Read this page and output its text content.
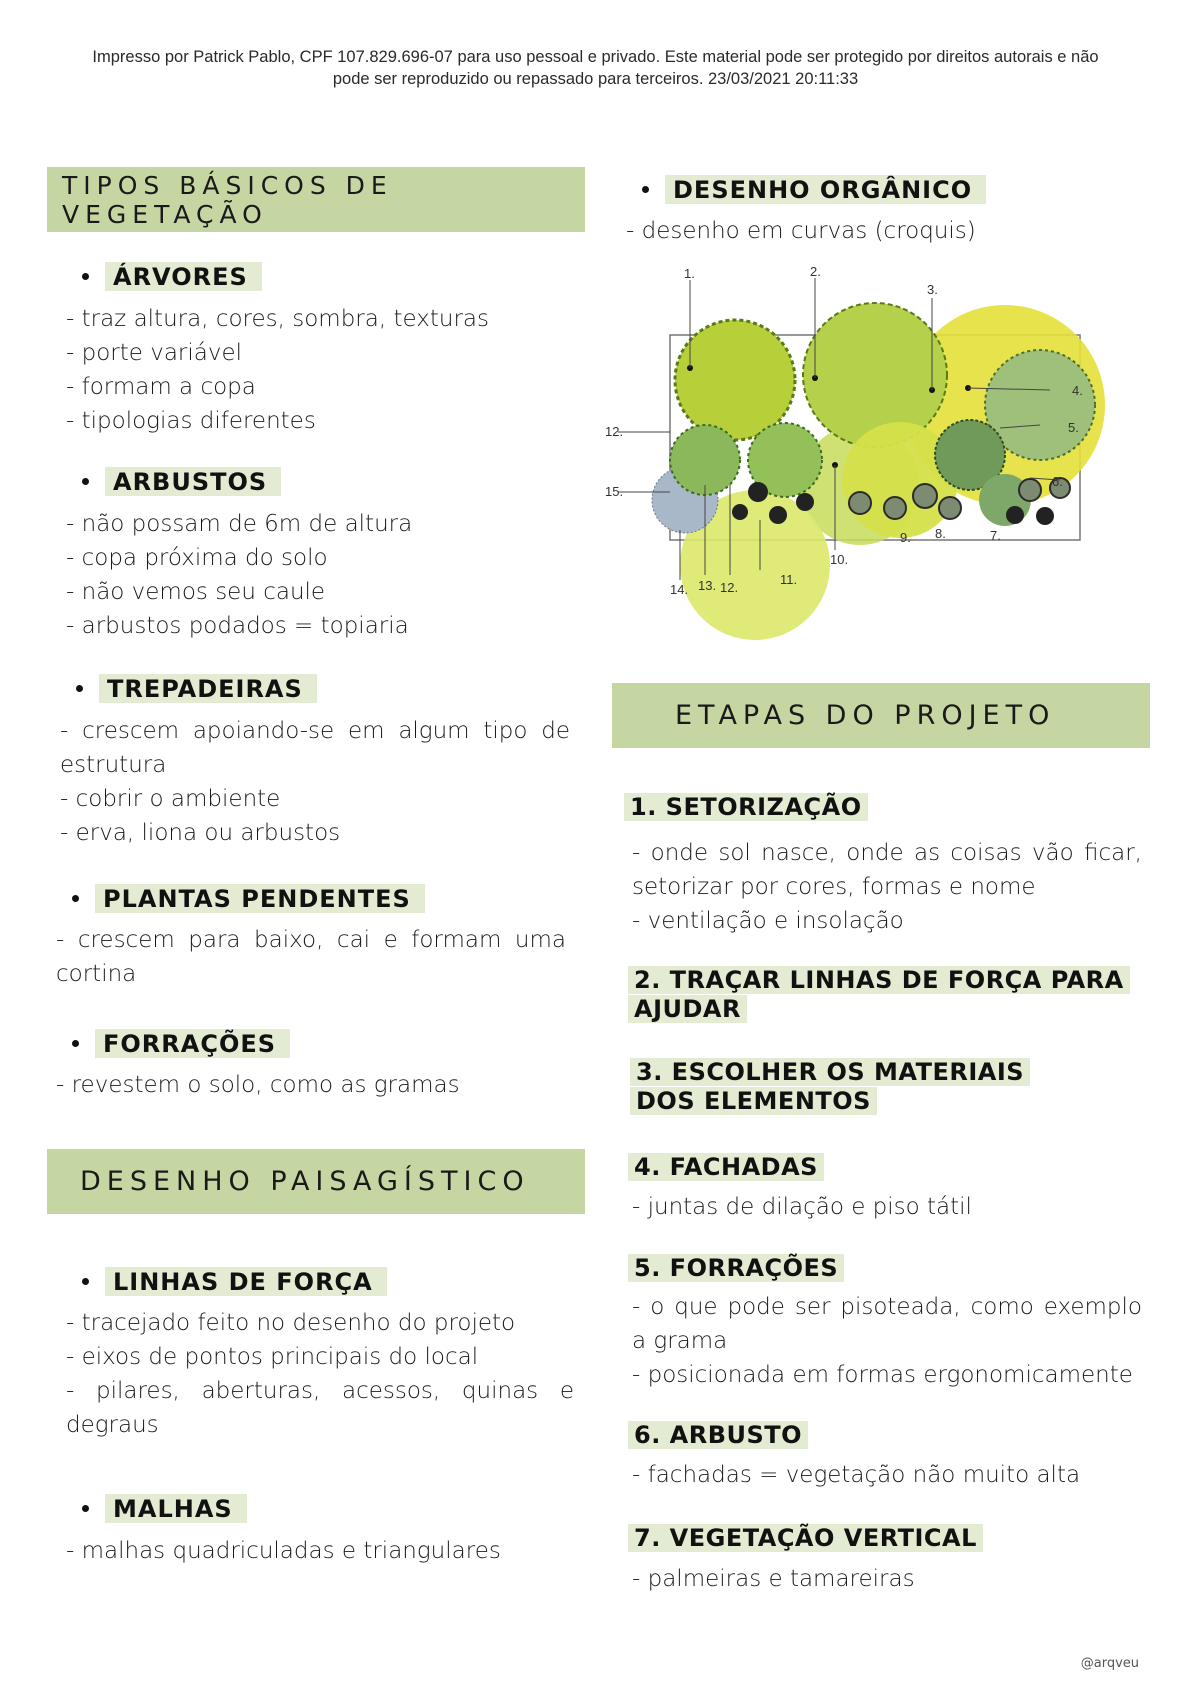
Impresso por Patrick Pablo, CPF 107.829.696-07 para uso pessoal e privado. Este material pode ser protegido por direitos autorais e não
pode ser reproduzido ou repassado para terceiros. 23/03/2021 20:11:33
TIPOS BÁSICOS DE VEGETAÇÃO
ÁRVORES
- traz altura, cores, sombra, texturas
- porte variável
- formam a copa
- tipologias diferentes
ARBUSTOS
- não possam de 6m de altura
- copa próxima do solo
- não vemos seu caule
- arbustos podados = topiaria
TREPADEIRAS
- crescem apoiando-se em algum tipo de estrutura
- cobrir o ambiente
- erva, liona ou arbustos
PLANTAS PENDENTES
- crescem para baixo, cai e formam uma cortina
FORRAÇÕES
- revestem o solo, como as gramas
DESENHO PAISAGÍSTICO
LINHAS DE FORÇA
- tracejado feito no desenho do projeto
- eixos de pontos principais do local
- pilares, aberturas, acessos, quinas e degraus
MALHAS
- malhas quadriculadas e triangulares
DESENHO ORGÂNICO
- desenho em curvas (croquis)
1.	2.
3.
4.
5.
6.
7.
8.
9.
10.
11.
12.
12.
13.
14.
15.
ETAPAS DO PROJETO
1. SETORIZAÇÃO
- onde sol nasce, onde as coisas vão ficar, setorizar por cores, formas e nome
- ventilação e insolação
2. TRAÇAR LINHAS DE FORÇA PARA AJUDAR
3. ESCOLHER OS MATERIAIS DOS ELEMENTOS
4. FACHADAS
- juntas de dilação e piso tátil
5. FORRAÇÕES
- o que pode ser pisoteada, como exemplo a grama
- posicionada em formas ergonomicamente
6. ARBUSTO
- fachadas = vegetação não muito alta
7. VEGETAÇÃO VERTICAL
- palmeiras e tamareiras
@arqveu
